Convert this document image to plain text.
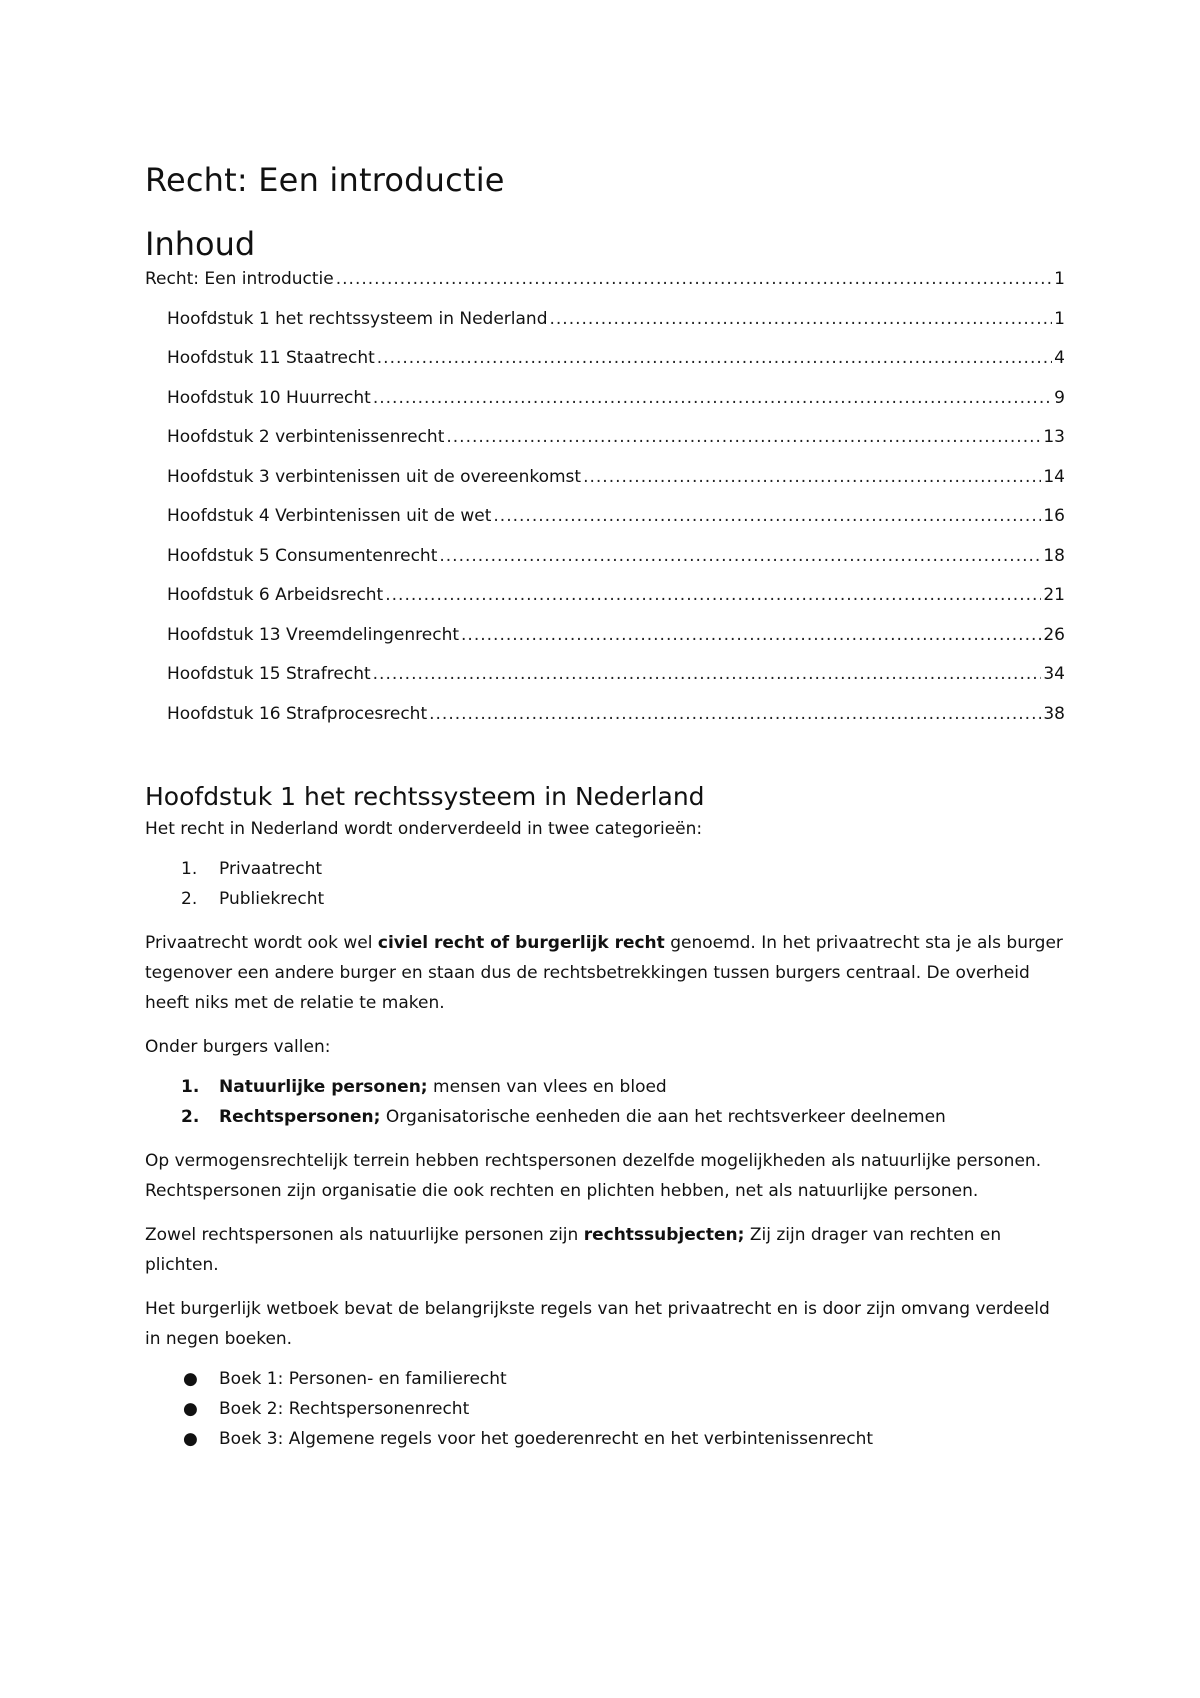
Recht: Een introductie
Inhoud
Recht: Een introductie .....	1
Hoofdstuk 1 het rechtssysteem in Nederland .....	1
Hoofdstuk 11 Staatrecht .....	4
Hoofdstuk 10 Huurrecht .....	9
Hoofdstuk 2 verbintenissenrecht .....	13
Hoofdstuk 3 verbintenissen uit de overeenkomst .....	14
Hoofdstuk 4 Verbintenissen uit de wet .....	16
Hoofdstuk 5 Consumentenrecht .....	18
Hoofdstuk 6 Arbeidsrecht .....	21
Hoofdstuk 13 Vreemdelingenrecht .....	26
Hoofdstuk 15 Strafrecht .....	34
Hoofdstuk 16 Strafprocesrecht .....	38
Hoofdstuk 1 het rechtssysteem in Nederland

Het recht in Nederland wordt onderverdeeld in twee categorieën:

1.	Privaatrecht
2.	Publiekrecht

Privaatrecht wordt ook wel civiel recht of burgerlijk recht genoemd. In het privaatrecht sta je als burger tegenover een andere burger en staan dus de rechtsbetrekkingen tussen burgers centraal. De overheid heeft niks met de relatie te maken.

Onder burgers vallen:

1.	Natuurlijke personen; mensen van vlees en bloed
2.	Rechtspersonen; Organisatorische eenheden die aan het rechtsverkeer deelnemen

Op vermogensrechtelijk terrein hebben rechtspersonen dezelfde mogelijkheden als natuurlijke personen. Rechtspersonen zijn organisatie die ook rechten en plichten hebben, net als natuurlijke personen.

Zowel rechtspersonen als natuurlijke personen zijn rechtssubjecten; Zij zijn drager van rechten en plichten.

Het burgerlijk wetboek bevat de belangrijkste regels van het privaatrecht en is door zijn omvang verdeeld in negen boeken.

●	Boek 1: Personen- en familierecht
●	Boek 2: Rechtspersonenrecht
●	Boek 3: Algemene regels voor het goederenrecht en het verbintenissenrecht
